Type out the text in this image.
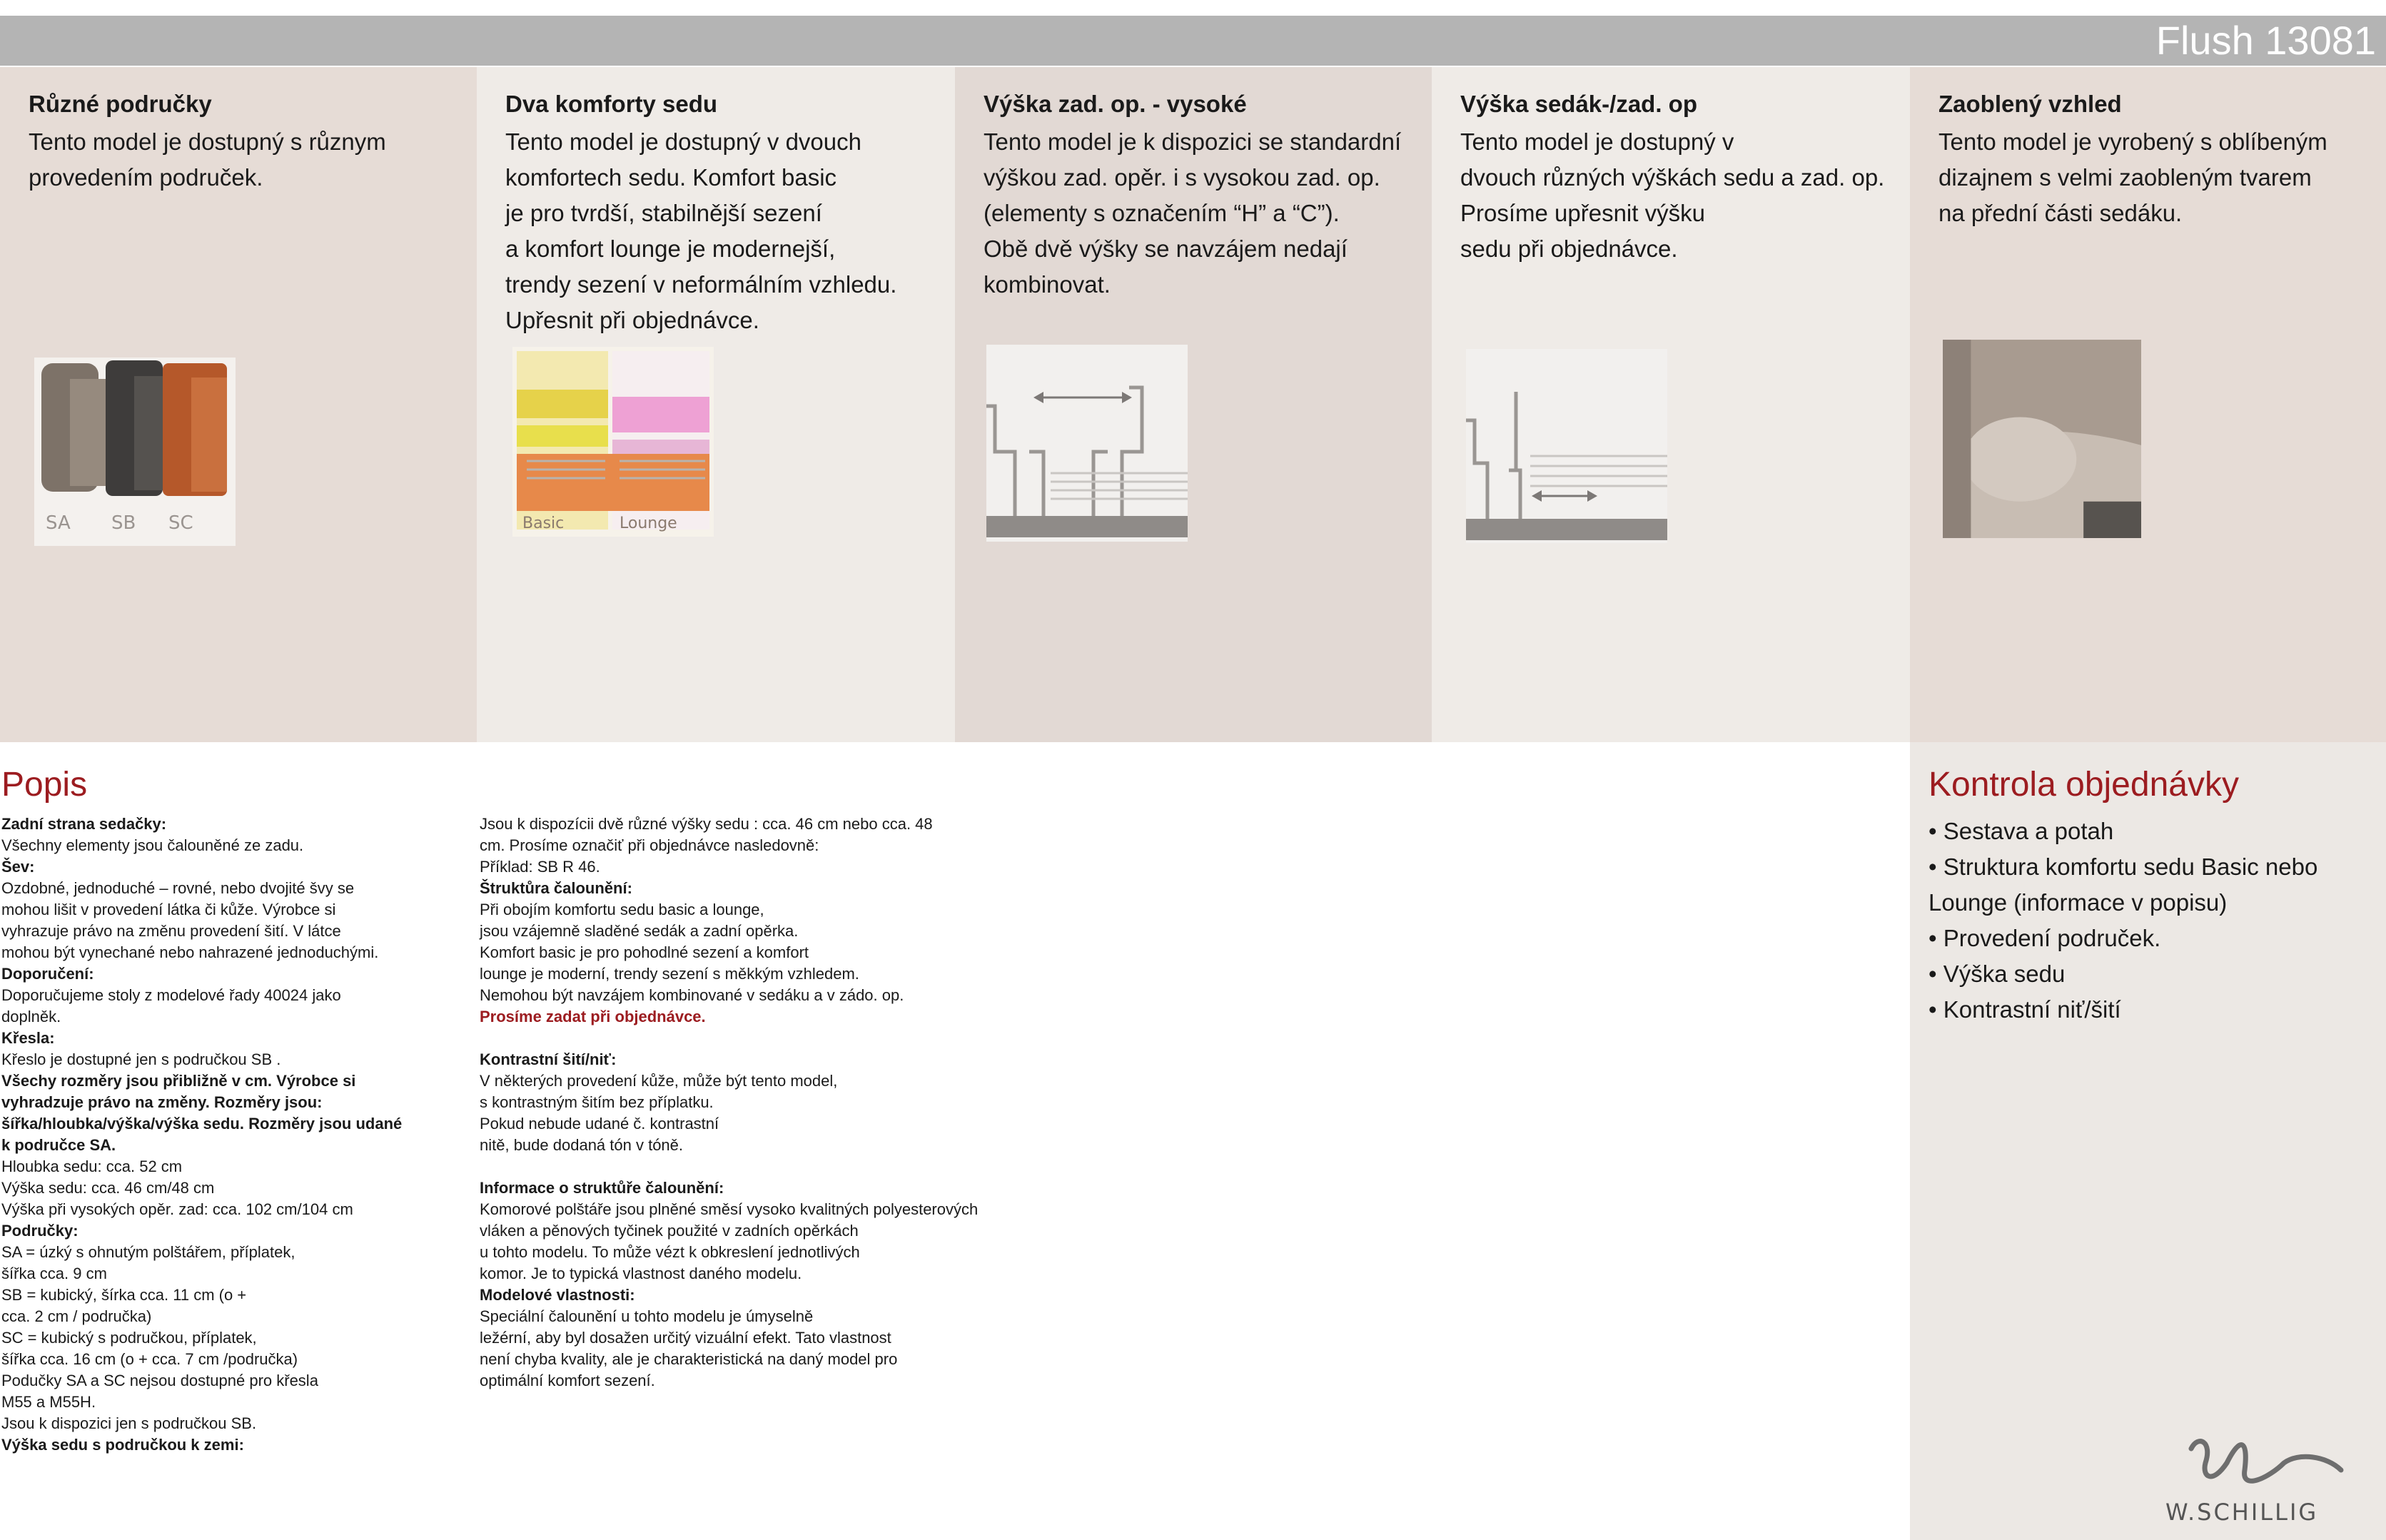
Flush 13081
Různé područky
Tento model je dostupný s různym
provedením područek.
Dva komforty sedu
Tento model je dostupný v dvouch
komfortech sedu. Komfort basic
je pro tvrdší, stabilnější sezení
a komfort lounge je modernejší,
trendy sezení v neformálním vzhledu.
Upřesnit při objednávce.
Výška zad. op. - vysoké
Tento model je k dispozici se standardní
výškou zad. opěr. i s vysokou zad. op.
(elementy s označením “H” a “C”).
Obě dvě výšky se navzájem nedají
kombinovat.
Výška sedák-/zad. op
Tento model je dostupný v
dvouch různých výškách sedu a zad. op.
Prosíme upřesnit výšku
sedu při objednávce.
Zaoblený vzhled
Tento model je vyrobený s oblíbeným
dizajnem s velmi zaobleným tvarem
na přední části sedáku.
SA SB SC	Basic	Lounge
Popis
Zadní strana sedačky:
Všechny elementy jsou čalouněné ze zadu.
Šev:
Ozdobné, jednoduché – rovné, nebo dvojité švy se
mohou lišit v provedení látka či kůže. Výrobce si
vyhrazuje právo na změnu provedení šití. V látce
mohou být vynechané nebo nahrazené jednoduchými.
Doporučení:
Doporučujeme stoly z modelové řady 40024 jako
doplněk.
Křesla:
Křeslo je dostupné jen s područkou SB .
Všechy rozměry jsou přibližně v cm. Výrobce si
vyhradzuje právo na změny. Rozměry jsou:
šířka/hloubka/výška/výška sedu. Rozměry jsou udané
k područce SA.
Hloubka sedu: cca. 52 cm
Výška sedu: cca. 46 cm/48 cm
Výška při vysokých opěr. zad: cca. 102 cm/104 cm
Područky:
SA = úzký s ohnutým polštářem, příplatek,
šířka cca. 9 cm
SB = kubický, šírka cca. 11 cm (o +
cca. 2 cm / područka)
SC = kubický s područkou, příplatek,
šířka cca. 16 cm (o + cca. 7 cm /područka)
Podučky SA a SC nejsou dostupné pro křesla
M55 a M55H.
Jsou k dispozici jen s područkou SB.
Výška sedu s područkou k zemi:
Jsou k dispozícii dvě různé výšky sedu : cca. 46 cm nebo cca. 48
cm. Prosíme označiť při objednávce nasledovně:
Příklad: SB R 46.
Štruktůra čalounění:
Při obojím komfortu sedu basic a lounge,
jsou vzájemně sladěné sedák a zadní opěrka.
Komfort basic je pro pohodlné sezení a komfort
lounge je moderní, trendy sezení s měkkým vzhledem.
Nemohou být navzájem kombinované v sedáku a v zádo. op.
Prosíme zadat při objednávce.
Kontrastní šití/niť:
V některých provedení kůže, může být tento model,
s kontrastným šitím bez příplatku.
Pokud nebude udané č. kontrastní
nitě, bude dodaná tón v tóně.
Informace o struktůře čalounění:
Komorové polštáře jsou plněné směsí vysoko kvalitných polyesterových
vláken a pěnových tyčinek použité v zadních opěrkách
u tohto modelu. To může vézt k obkreslení jednotlivých
komor. Je to typická vlastnost daného modelu.
Modelové vlastnosti:
Speciální čalounění u tohto modelu je úmyselně
ležérní, aby byl dosažen určitý vizuální efekt. Tato vlastnost
není chyba kvality, ale je charakteristická na daný model pro
optimální komfort sezení.
Kontrola objednávky
• Sestava a potah
• Struktura komfortu sedu Basic nebo
Lounge (informace v popisu)
• Provedení područek.
• Výška sedu
• Kontrastní niť/šití
W.SCHILLIG
